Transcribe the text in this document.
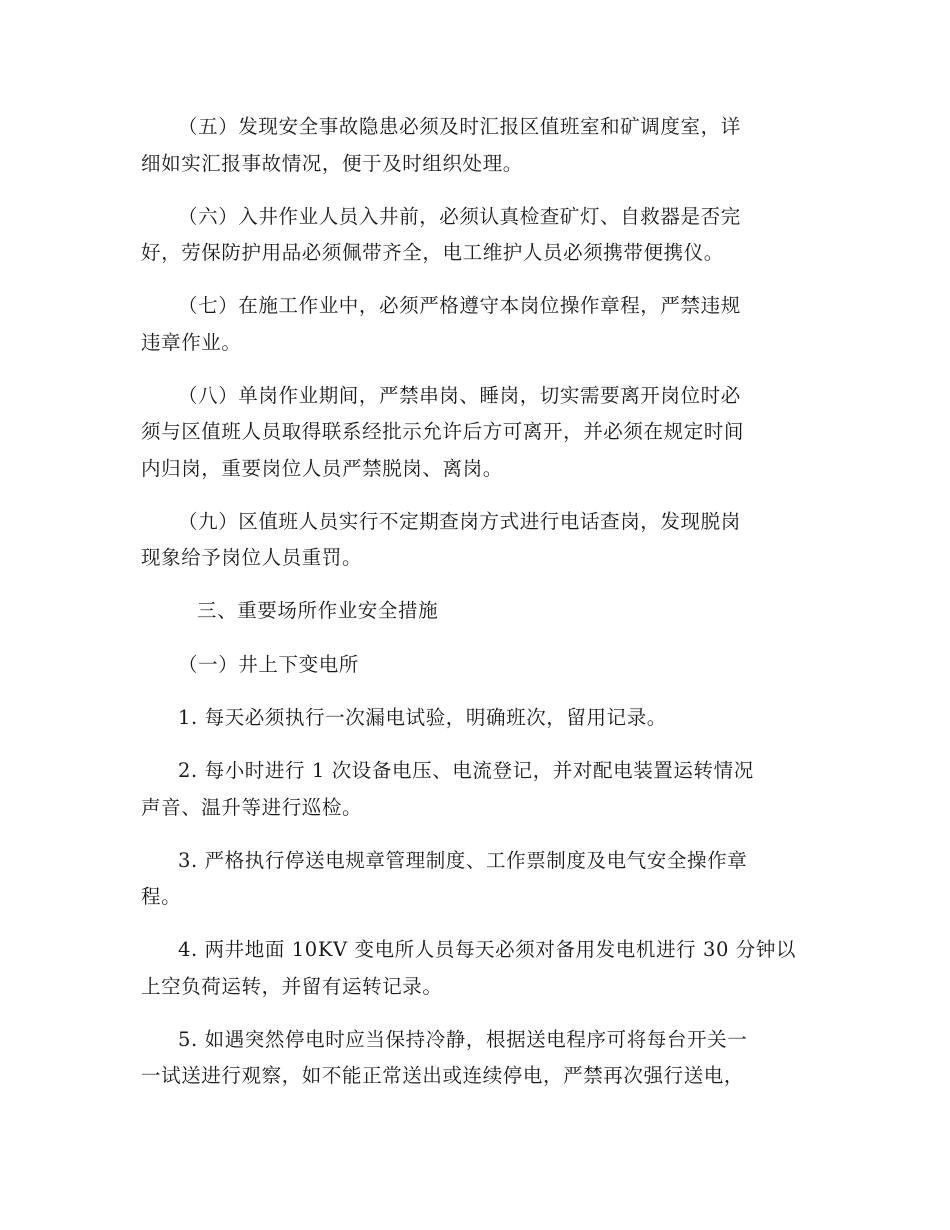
（五）发现安全事故隐患必须及时汇报区值班室和矿调度室，详
细如实汇报事故情况，便于及时组织处理。
（六）入井作业人员入井前，必须认真检查矿灯、自救器是否完
好，劳保防护用品必须佩带齐全，电工维护人员必须携带便携仪。
（七）在施工作业中，必须严格遵守本岗位操作章程，严禁违规
违章作业。
（八）单岗作业期间，严禁串岗、睡岗，切实需要离开岗位时必
须与区值班人员取得联系经批示允许后方可离开，并必须在规定时间
内归岗，重要岗位人员严禁脱岗、离岗。
（九）区值班人员实行不定期查岗方式进行电话查岗，发现脱岗
现象给予岗位人员重罚。
三、重要场所作业安全措施
（一）井上下变电所
1. 每天必须执行一次漏电试验，明确班次，留用记录。
2. 每小时进行 1 次设备电压、电流登记，并对配电装置运转情况
声音、温升等进行巡检。
3. 严格执行停送电规章管理制度、工作票制度及电气安全操作章
程。
4. 两井地面 10KV 变电所人员每天必须对备用发电机进行 30 分钟以
上空负荷运转，并留有运转记录。
5. 如遇突然停电时应当保持冷静，根据送电程序可将每台开关一
一试送进行观察，如不能正常送出或连续停电，严禁再次强行送电，
